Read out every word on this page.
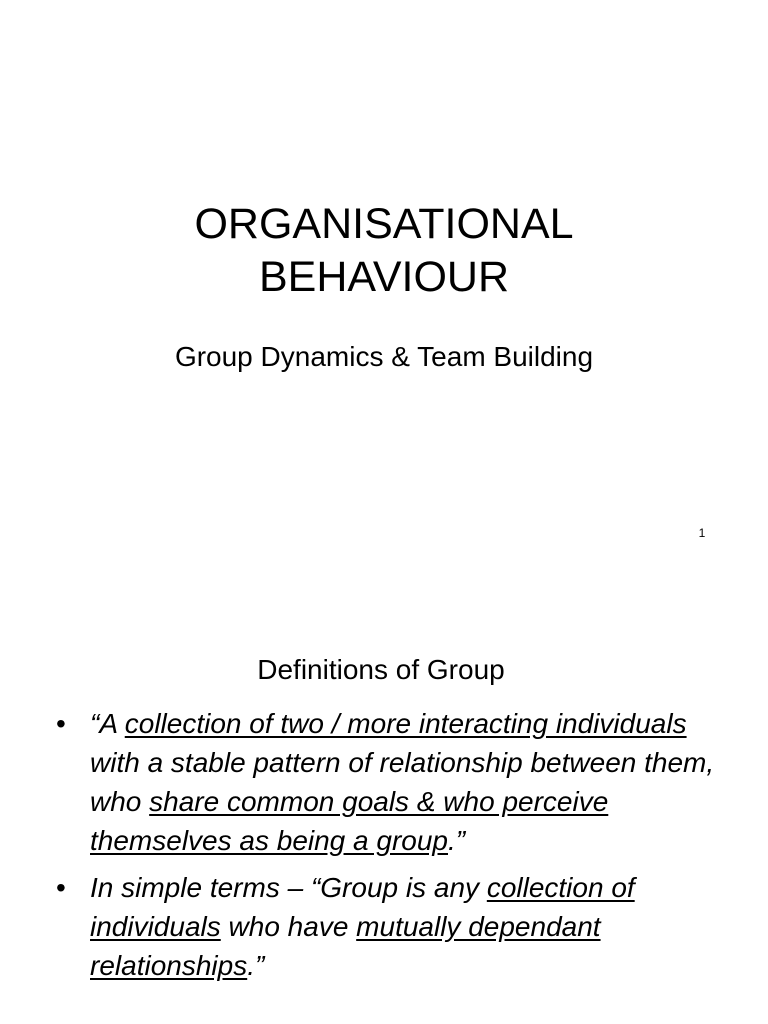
ORGANISATIONAL
BEHAVIOUR
Group Dynamics & Team Building
1
Definitions of Group
• “A collection of two / more interacting individuals with a stable pattern of relationship between them, who share common goals & who perceive themselves as being a group.”
• In simple terms – “Group is any collection of individuals who have mutually dependant relationships.”
